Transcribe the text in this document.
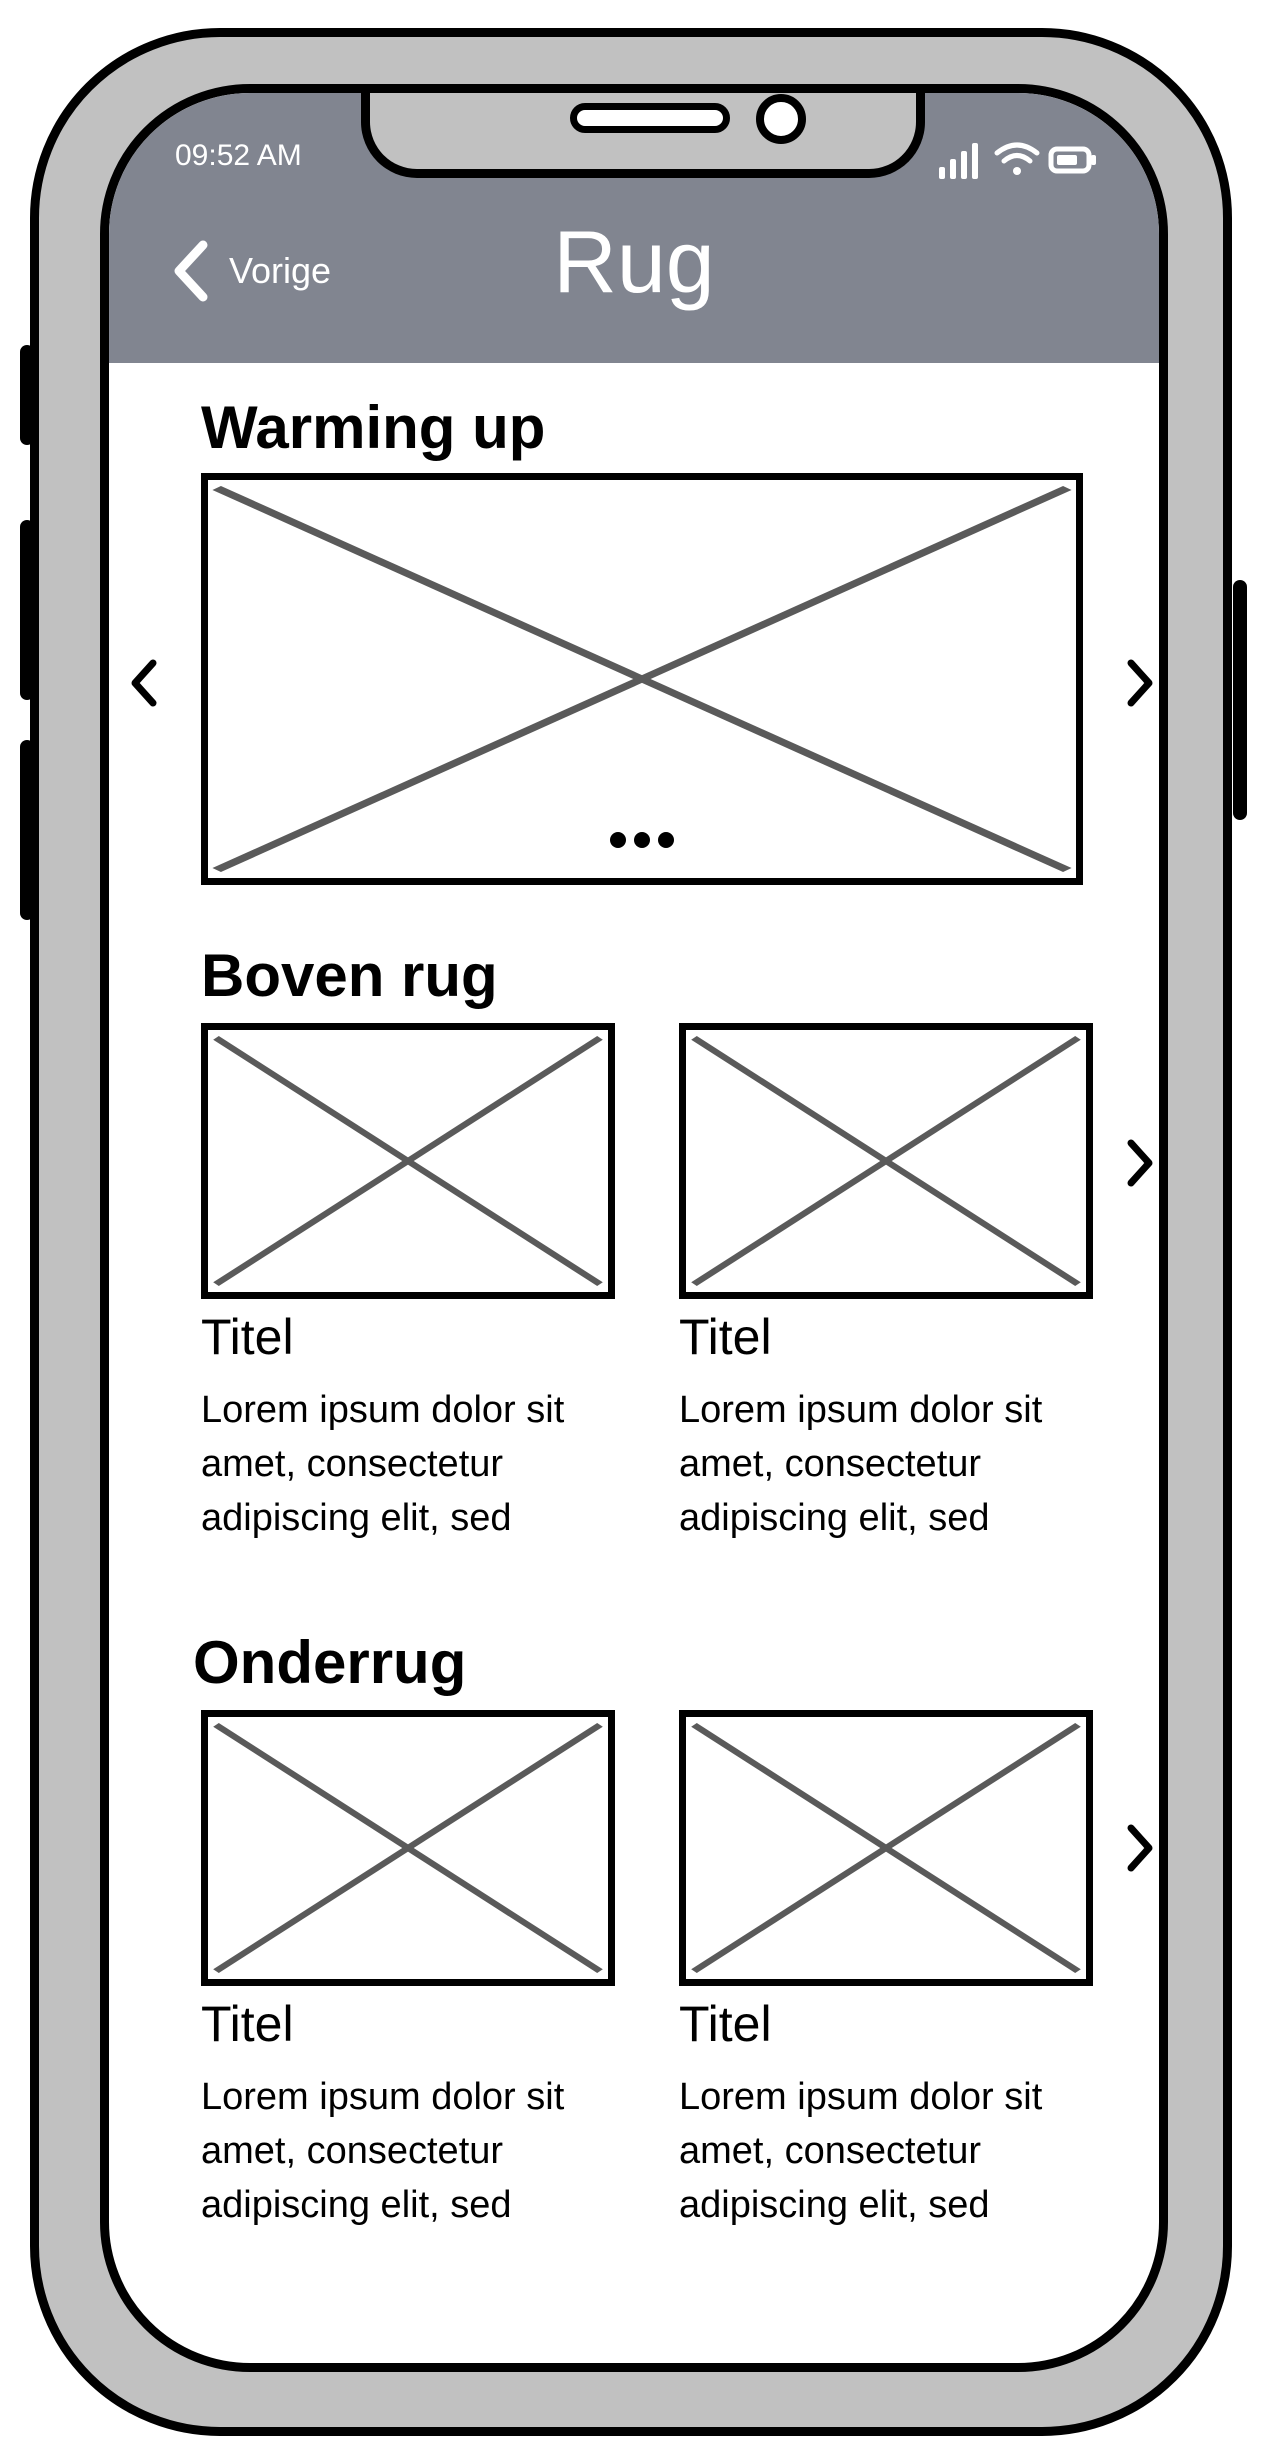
09:52 AM
Vorige	Rug
Warming up
Boven rug
Titel
Lorem ipsum dolor sit amet, consectetur adipiscing elit, sed
Titel
Lorem ipsum dolor sit amet, consectetur adipiscing elit, sed
Onderrug
Titel
Lorem ipsum dolor sit amet, consectetur adipiscing elit, sed
Titel
Lorem ipsum dolor sit amet, consectetur adipiscing elit, sed
